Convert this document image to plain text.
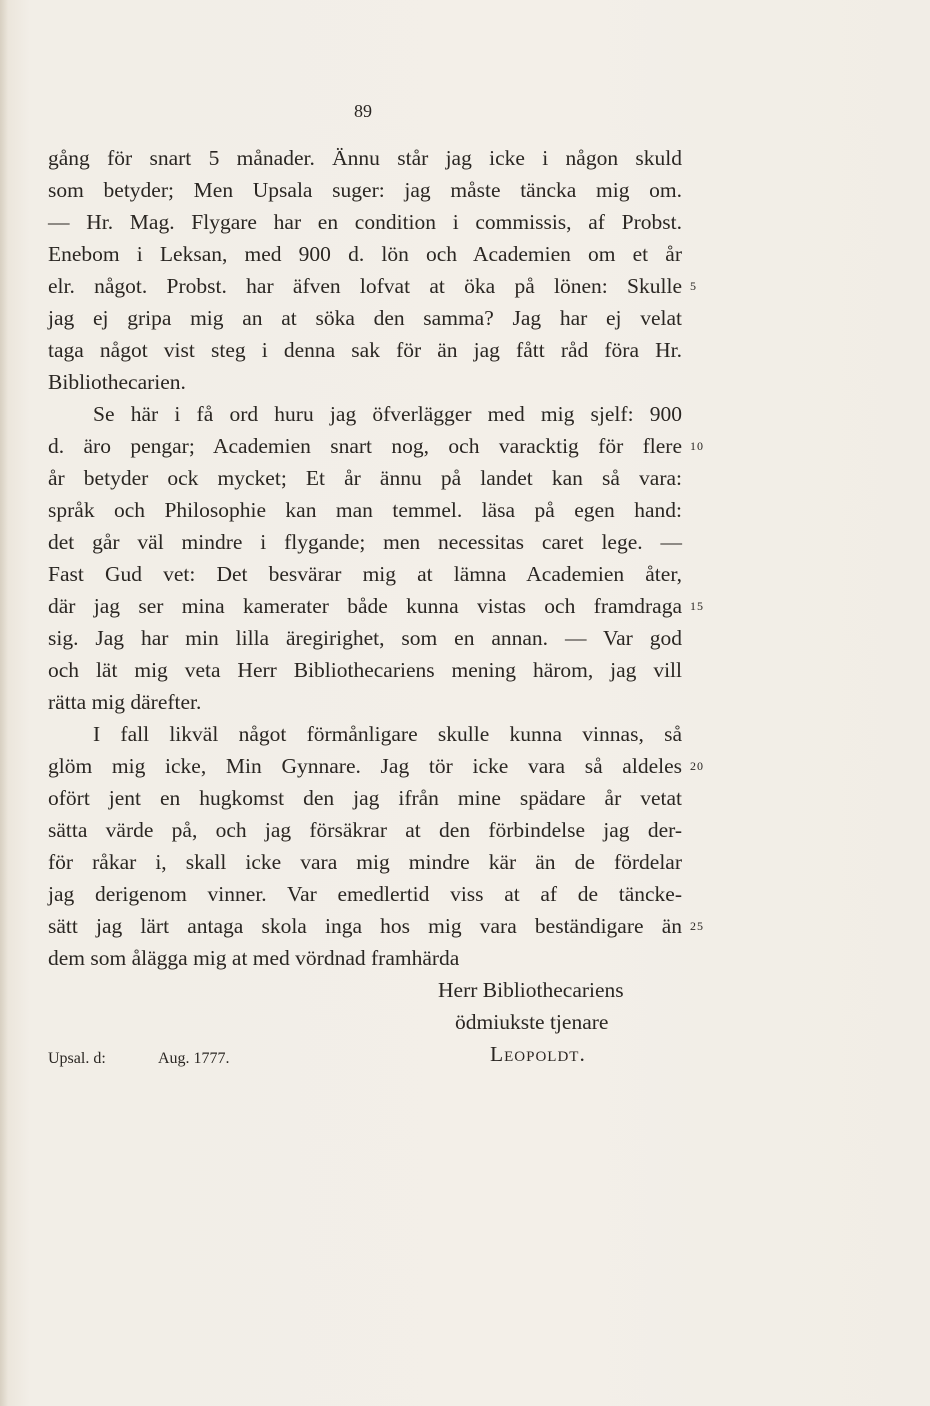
89
gång för snart 5 månader. Ännu står jag icke i någon skuld
som betyder; Men Upsala suger: jag måste täncka mig om.
— Hr. Mag. Flygare har en condition i commissis, af Probst.
Enebom i Leksan, med 900 d. lön och Academien om et år
elr. något. Probst. har äfven lofvat at öka på lönen: Skulle
jag ej gripa mig an at söka den samma? Jag har ej velat
taga något vist steg i denna sak för än jag fått råd föra Hr.
Bibliothecarien.
Se här i få ord huru jag öfverlägger med mig sjelf: 900
d. äro pengar; Academien snart nog, och varacktig för flere
år betyder ock mycket; Et år ännu på landet kan så vara:
språk och Philosophie kan man temmel. läsa på egen hand:
det går väl mindre i flygande; men necessitas caret lege. —
Fast Gud vet: Det besvärar mig at lämna Academien åter,
där jag ser mina kamerater både kunna vistas och framdraga
sig. Jag har min lilla äregirighet, som en annan. — Var god
och lät mig veta Herr Bibliothecariens mening härom, jag vill
rätta mig därefter.
I fall likväl något förmånligare skulle kunna vinnas, så
glöm mig icke, Min Gynnare. Jag tör icke vara så aldeles
ofört jent en hugkomst den jag ifrån mine spädare år vetat
sätta värde på, och jag försäkrar at den förbindelse jag der-
för råkar i, skall icke vara mig mindre kär än de fördelar
jag derigenom vinner. Var emedlertid viss at af de täncke-
sätt jag lärt antaga skola inga hos mig vara beständigare än
dem som ålägga mig at med vördnad framhärda
5
10
15
20
25
Herr Bibliothecariens
ödmiukste tjenare
Leopoldt.
Upsal. d:	Aug. 1777.
